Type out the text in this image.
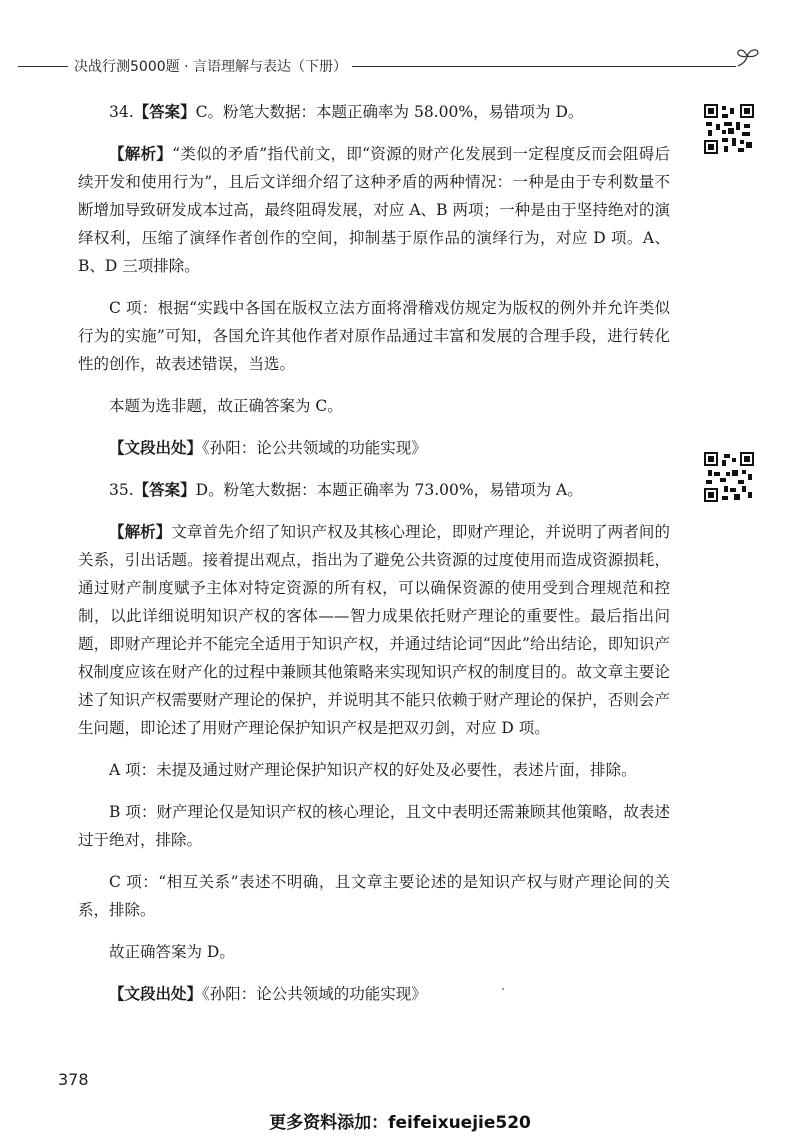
决战行测5000题 · 言语理解与表达（下册）

34.【答案】C。粉笔大数据：本题正确率为 58.00%，易错项为 D。

【解析】“类似的矛盾”指代前文，即“资源的财产化发展到一定程度反而会阻碍后续开发和使用行为”，且后文详细介绍了这种矛盾的两种情况：一种是由于专利数量不断增加导致研发成本过高，最终阻碍发展，对应 A、B 两项；一种是由于坚持绝对的演绎权利，压缩了演绎作者创作的空间，抑制基于原作品的演绎行为，对应 D 项。A、B、D 三项排除。

C 项：根据“实践中各国在版权立法方面将滑稽戏仿规定为版权的例外并允许类似行为的实施”可知，各国允许其他作者对原作品通过丰富和发展的合理手段，进行转化性的创作，故表述错误，当选。

本题为选非题，故正确答案为 C。

【文段出处】《孙阳：论公共领域的功能实现》

35.【答案】D。粉笔大数据：本题正确率为 73.00%，易错项为 A。

【解析】文章首先介绍了知识产权及其核心理论，即财产理论，并说明了两者间的关系，引出话题。接着提出观点，指出为了避免公共资源的过度使用而造成资源损耗，通过财产制度赋予主体对特定资源的所有权，可以确保资源的使用受到合理规范和控制，以此详细说明知识产权的客体——智力成果依托财产理论的重要性。最后指出问题，即财产理论并不能完全适用于知识产权，并通过结论词“因此”给出结论，即知识产权制度应该在财产化的过程中兼顾其他策略来实现知识产权的制度目的。故文章主要论述了知识产权需要财产理论的保护，并说明其不能只依赖于财产理论的保护，否则会产生问题，即论述了用财产理论保护知识产权是把双刃剑，对应 D 项。

A 项：未提及通过财产理论保护知识产权的好处及必要性，表述片面，排除。

B 项：财产理论仅是知识产权的核心理论，且文中表明还需兼顾其他策略，故表述过于绝对，排除。

C 项：“相互关系”表述不明确，且文章主要论述的是知识产权与财产理论间的关系，排除。

故正确答案为 D。

【文段出处】《孙阳：论公共领域的功能实现》

378
更多资料添加：feifeixuejie520
